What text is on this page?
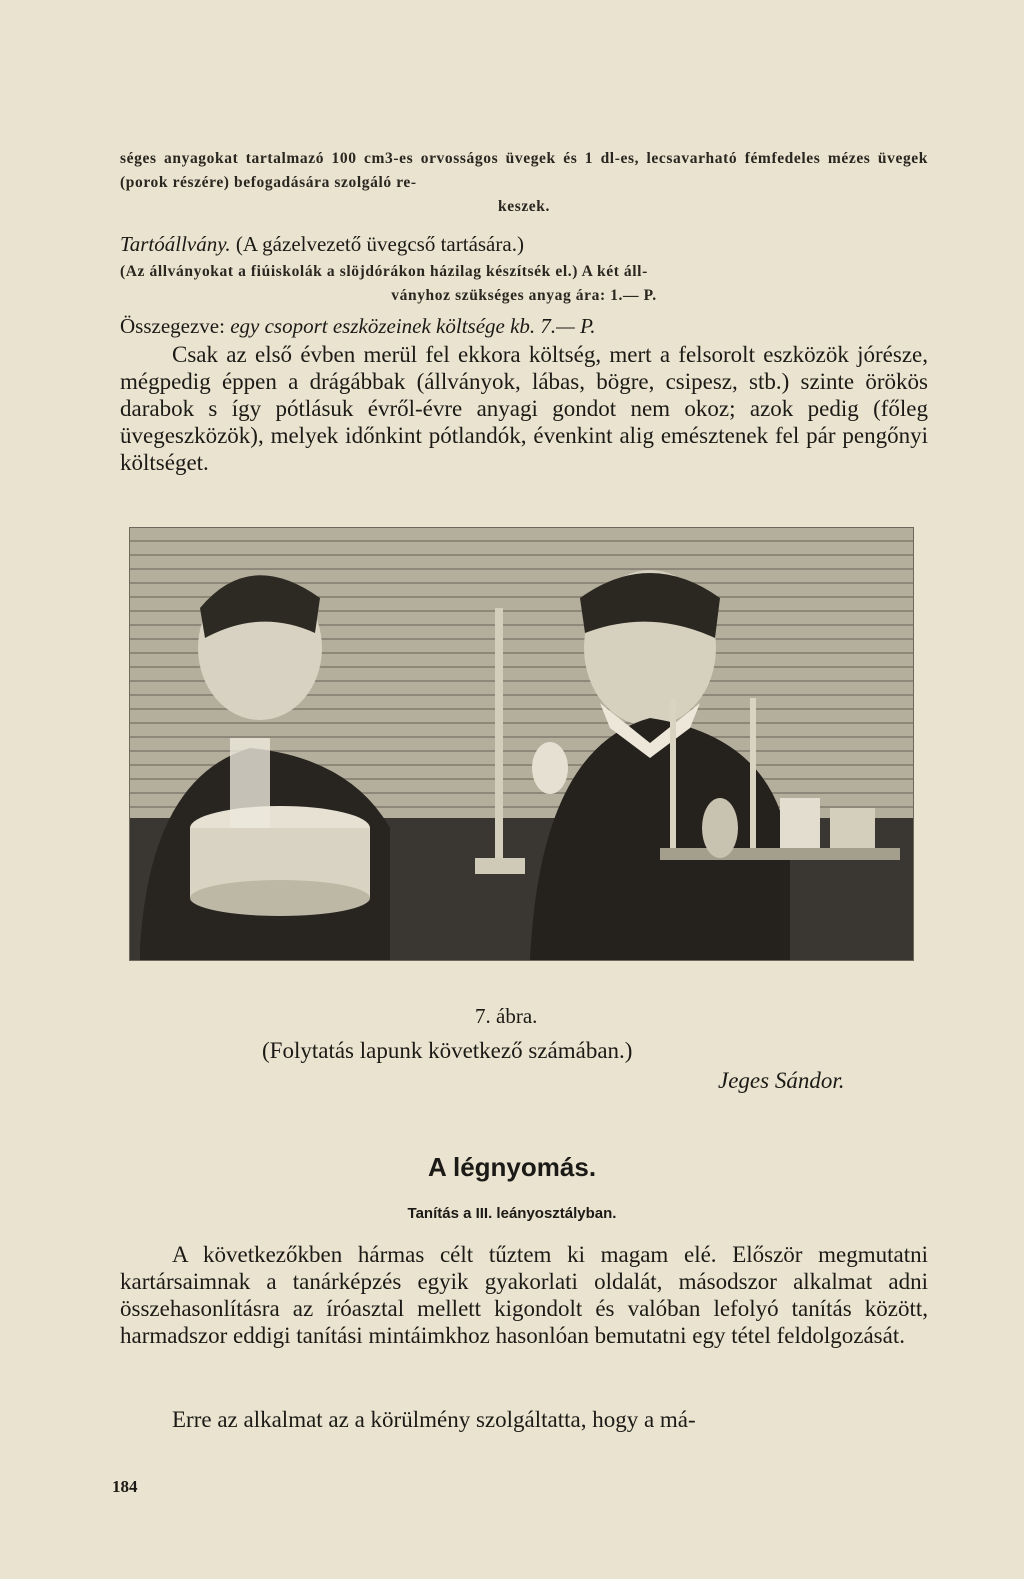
séges anyagokat tartalmazó 100 cm3-es orvosságos üvegek és 1 dl-es, lecsavarható fémfedeles mézes üvegek (porok részére) befogadására szolgáló re-
keszek.
Tartóállvány. (A gázelvezető üvegcső tartására.)
(Az állványokat a fiúiskolák a slöjdórákon házilag készítsék el.) A két áll-
ványhoz szükséges anyag ára: 1.— P.
Összegezve: egy csoport eszközeinek költsége kb. 7.— P.
Csak az első évben merül fel ekkora költség, mert a felsorolt eszközök jórésze, mégpedig éppen a drágábbak (állványok, lábas, bögre, csipesz, stb.) szinte örökös darabok s így pótlásuk évről-évre anyagi gondot nem okoz; azok pedig (főleg üvegeszközök), melyek időnkint pótlandók, évenkint alig emésztenek fel pár pengőnyi költséget.
7. ábra.
(Folytatás lapunk következő számában.)
Jeges Sándor.
A légnyomás.
Tanítás a III. leányosztályban.
A következőkben hármas célt tűztem ki magam elé. Először megmutatni kartársaimnak a tanárképzés egyik gyakorlati oldalát, másodszor alkalmat adni összehasonlításra az íróasztal mellett kigondolt és valóban lefolyó tanítás között, harmadszor eddigi tanítási mintáimkhoz hasonlóan bemutatni egy tétel feldolgozását.
Erre az alkalmat az a körülmény szolgáltatta, hogy a má-
184
